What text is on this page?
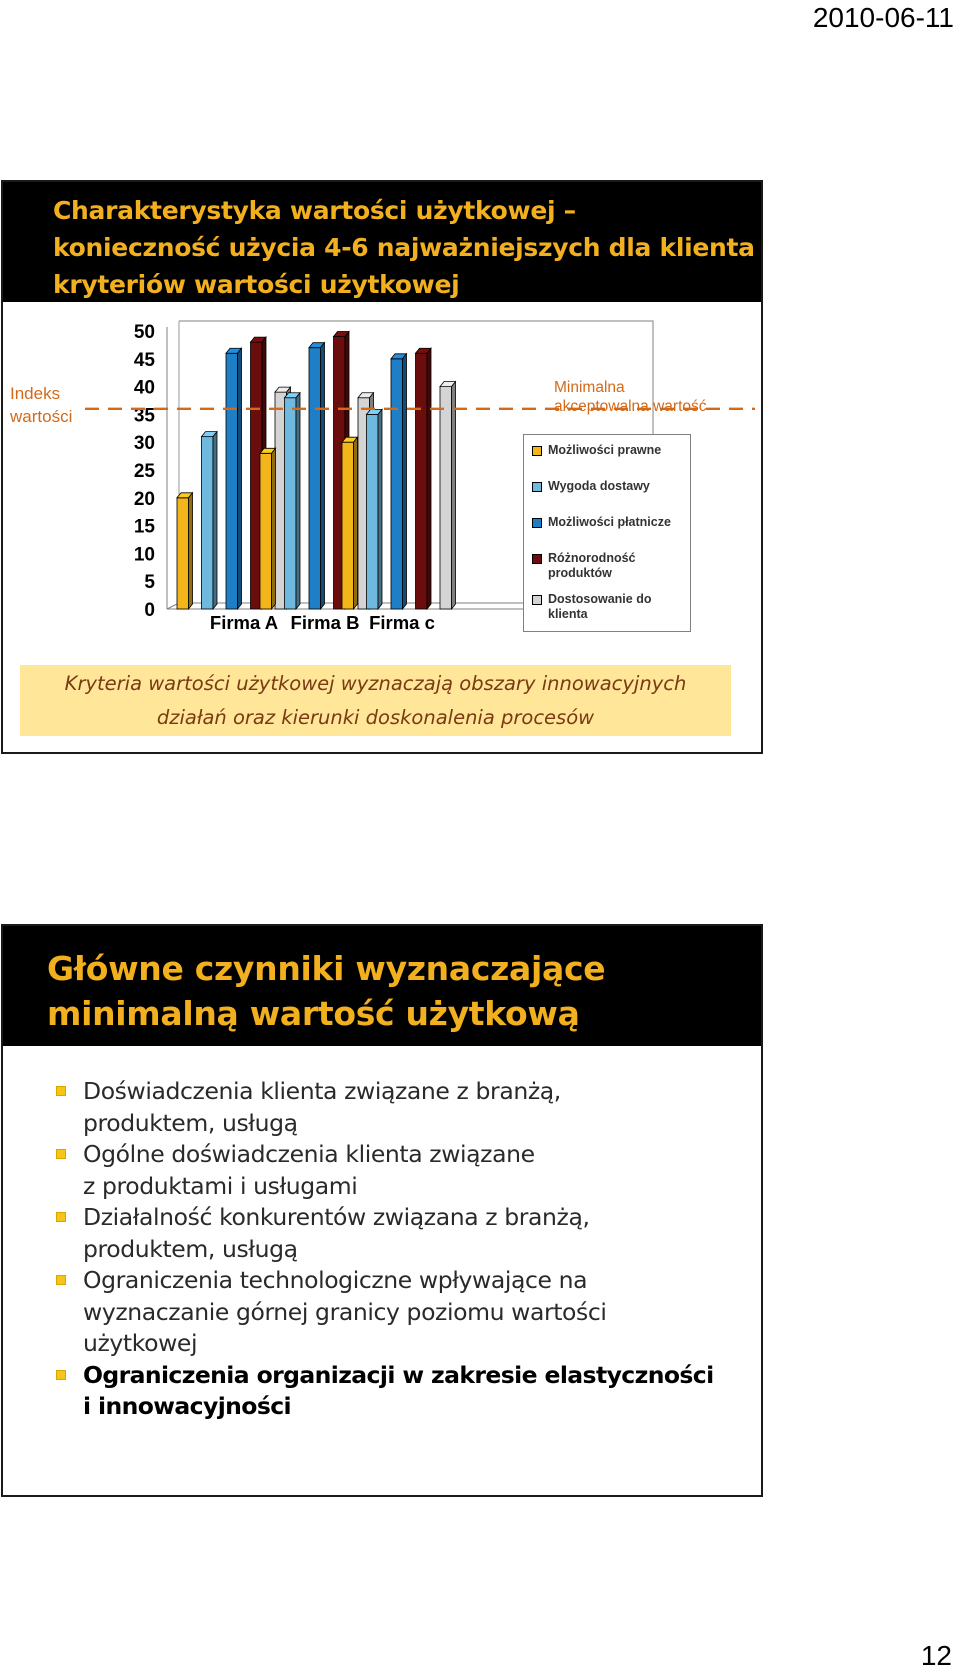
2010-06-11
Charakterystyka wartości użytkowej –
konieczność użycia 4-6 najważniejszych dla klienta
kryteriów wartości użytkowej
Indeks
wartości
Minimalna
akceptowalna wartość
50
45
40
35
30
25
20
15
10
5
0
Firma A Firma B Firma c
Możliwości prawne
Wygoda dostawy
Możliwości płatnicze
Różnorodność
produktów
Dostosowanie do
klienta
Kryteria wartości użytkowej wyznaczają obszary innowacyjnych
działań oraz kierunki doskonalenia procesów
Główne czynniki wyznaczające
minimalną wartość użytkową
Doświadczenia klienta związane z branżą,
produktem, usługą
Ogólne doświadczenia klienta związane
z produktami i usługami
Działalność konkurentów związana z branżą,
produktem, usługą
Ograniczenia technologiczne wpływające na
wyznaczanie górnej granicy poziomu wartości
użytkowej
Ograniczenia organizacji w zakresie elastyczności
i innowacyjności
12
